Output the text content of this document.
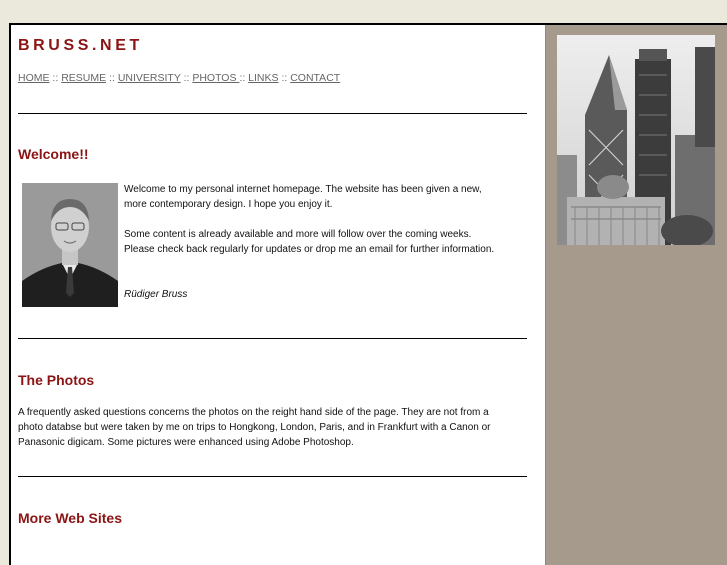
BRUSS.NET
HOME :: RESUME :: UNIVERSITY :: PHOTOS :: LINKS :: CONTACT
Welcome!!
Welcome to my personal internet homepage. The website has been given a new,
more contemporary design. I hope you enjoy it.
Some content is already available and more will follow over the coming weeks.
Please check back regularly for updates or drop me an email for further information.
Rüdiger Bruss
The Photos
A frequently asked questions concerns the photos on the reight hand side of the page. They are not from a
photo databse but were taken by me on trips to Hongkong, London, Paris, and in Frankfurt with a Canon or
Panasonic digicam. Some pictures were enhanced using Adobe Photoshop.
More Web Sites
